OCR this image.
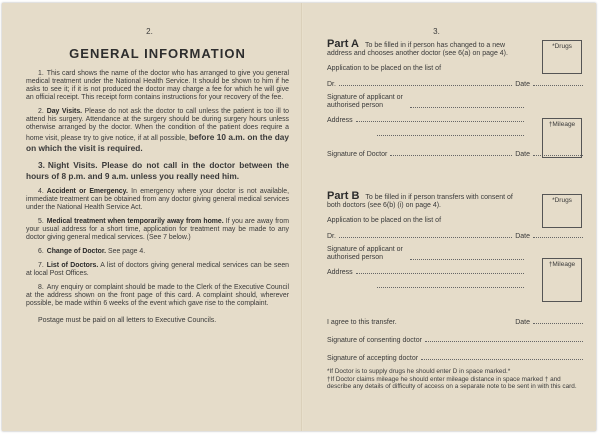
2.
GENERAL INFORMATION

1. This card shows the name of the doctor who has arranged to give you general medical treatment under the National Health Service. It should be shown to him if he asks to see it; if it is not produced the doctor may charge a fee for which he will give an official receipt. This receipt form contains instructions for your recovery of the fee.

2. Day Visits. Please do not ask the doctor to call unless the patient is too ill to attend his surgery. Attendance at the surgery should be during surgery hours unless otherwise arranged by the doctor. When the condition of the patient does require a home visit, please try to give notice, if at all possible, before 10 a.m. on the day on which the visit is required.

3. Night Visits. Please do not call in the doctor between the hours of 8 p.m. and 9 a.m. unless you really need him.

4. Accident or Emergency. In emergency where your doctor is not available, immediate treatment can be obtained from any doctor giving general medical services under the National Health Service Act.

5. Medical treatment when temporarily away from home. If you are away from your usual address for a short time, application for treatment may be made to any doctor giving general medical services. (See 7 below.)

6. Change of Doctor. See page 4.

7. List of Doctors. A list of doctors giving general medical services can be seen at local Post Offices.

8. Any enquiry or complaint should be made to the Clerk of the Executive Council at the address shown on the front page of this card. A complaint should, wherever possible, be made within 6 weeks of the event which gave rise to the complaint.

Postage must be paid on all letters to Executive Councils.

3.
*Drugs
Part A To be filled in if person has changed to a new address and chooses another doctor (see 6(a) on page 4).
Application to be placed on the list of
Dr.	Date
†Mileage
Signature of applicant or authorised person
Address
Signature of Doctor	Date
*Drugs
Part B To be filled in if person transfers with consent of both doctors (see 6(b) (i) on page 4).
Application to be placed on the list of
Dr.	Date
†Mileage
Signature of applicant or authorised person
Address
I agree to this transfer.	Date
Signature of consenting doctor
Signature of accepting doctor
*If Doctor is to supply drugs he should enter D in space marked.*
†If Doctor claims mileage he should enter mileage distance in space marked † and describe any details of difficulty of access on a separate note to be sent in with this card.
